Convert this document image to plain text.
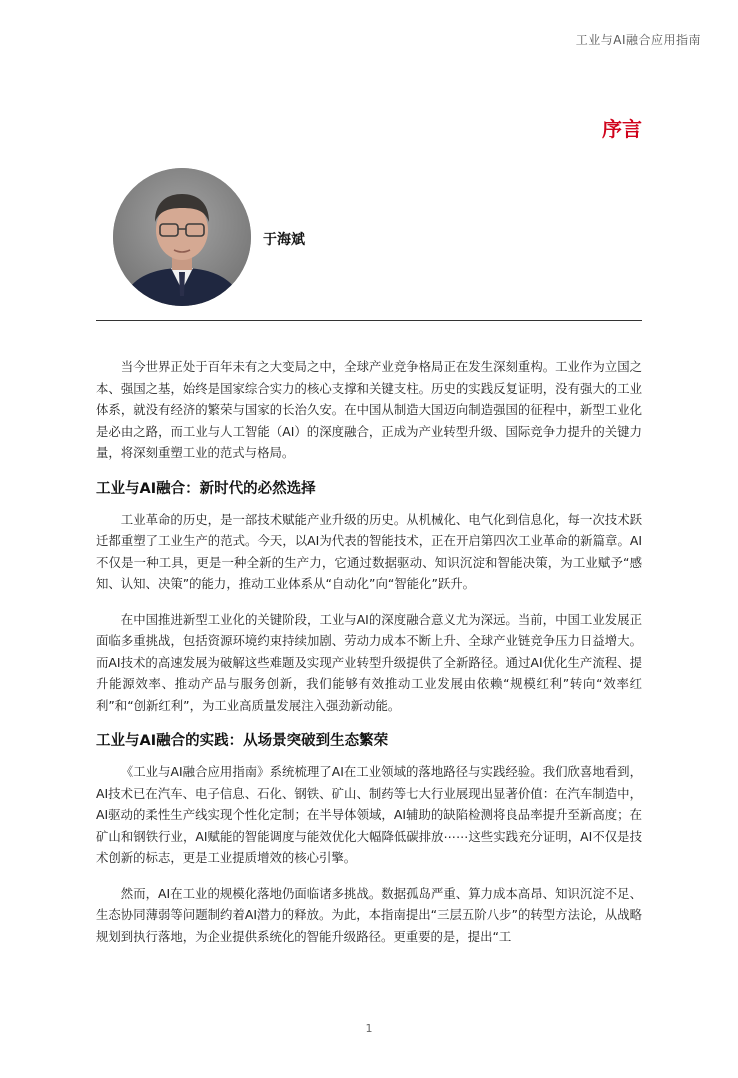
工业与AI融合应用指南
序言
于海斌

当今世界正处于百年未有之大变局之中，全球产业竞争格局正在发生深刻重构。工业作为立国之本、强国之基，始终是国家综合实力的核心支撑和关键支柱。历史的实践反复证明，没有强大的工业体系，就没有经济的繁荣与国家的长治久安。在中国从制造大国迈向制造强国的征程中，新型工业化是必由之路，而工业与人工智能（AI）的深度融合，正成为产业转型升级、国际竞争力提升的关键力量，将深刻重塑工业的范式与格局。

工业与AI融合：新时代的必然选择

工业革命的历史，是一部技术赋能产业升级的历史。从机械化、电气化到信息化，每一次技术跃迁都重塑了工业生产的范式。今天，以AI为代表的智能技术，正在开启第四次工业革命的新篇章。AI不仅是一种工具，更是一种全新的生产力，它通过数据驱动、知识沉淀和智能决策，为工业赋予“感知、认知、决策”的能力，推动工业体系从“自动化”向“智能化”跃升。

在中国推进新型工业化的关键阶段，工业与AI的深度融合意义尤为深远。当前，中国工业发展正面临多重挑战，包括资源环境约束持续加剧、劳动力成本不断上升、全球产业链竞争压力日益增大。而AI技术的高速发展为破解这些难题及实现产业转型升级提供了全新路径。通过AI优化生产流程、提升能源效率、推动产品与服务创新，我们能够有效推动工业发展由依赖“规模红利”转向“效率红利”和“创新红利”，为工业高质量发展注入强劲新动能。

工业与AI融合的实践：从场景突破到生态繁荣

《工业与AI融合应用指南》系统梳理了AI在工业领域的落地路径与实践经验。我们欣喜地看到，AI技术已在汽车、电子信息、石化、钢铁、矿山、制药等七大行业展现出显著价值：在汽车制造中，AI驱动的柔性生产线实现个性化定制；在半导体领域，AI辅助的缺陷检测将良品率提升至新高度；在矿山和钢铁行业，AI赋能的智能调度与能效优化大幅降低碳排放⋯⋯这些实践充分证明，AI不仅是技术创新的标志，更是工业提质增效的核心引擎。

然而，AI在工业的规模化落地仍面临诸多挑战。数据孤岛严重、算力成本高昂、知识沉淀不足、生态协同薄弱等问题制约着AI潜力的释放。为此，本指南提出“三层五阶八步”的转型方法论，从战略规划到执行落地，为企业提供系统化的智能升级路径。更重要的是，提出“工

1
